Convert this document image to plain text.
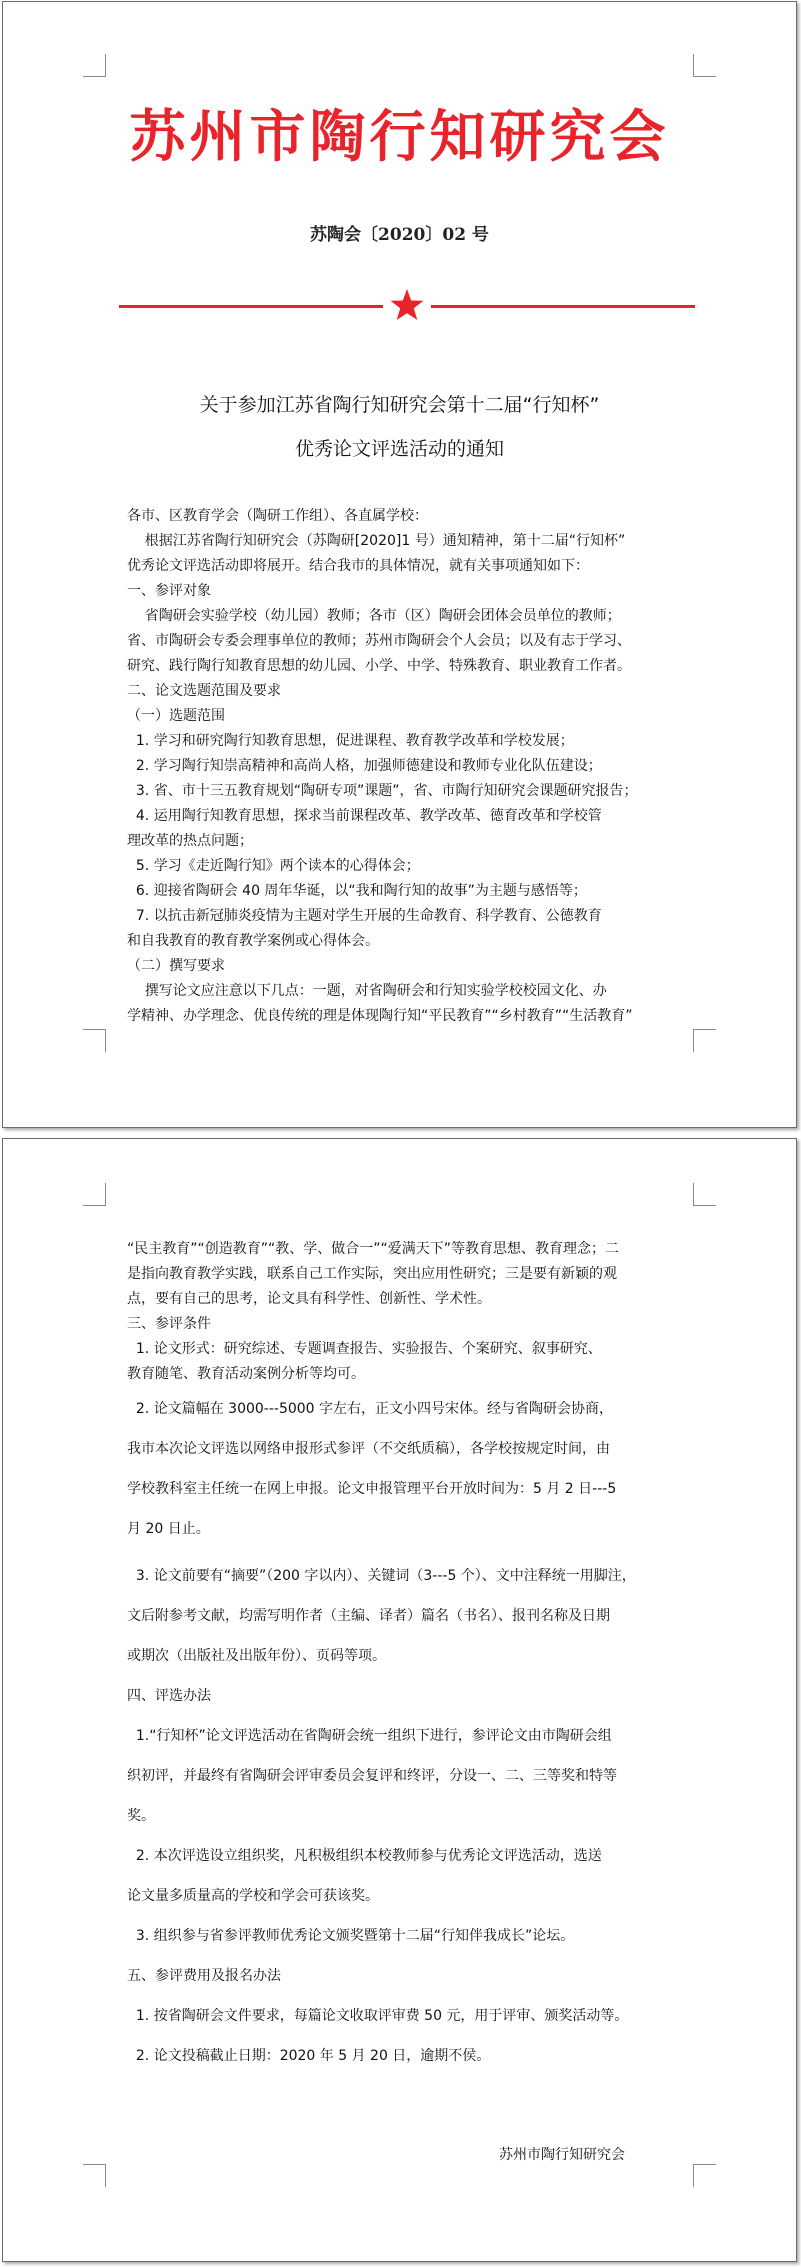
苏州市陶行知研究会
苏陶会〔2020〕02 号
关于参加江苏省陶行知研究会第十二届“行知杯”
优秀论文评选活动的通知

各市、区教育学会（陶研工作组）、各直属学校：

根据江苏省陶行知研究会（苏陶研[2020]1 号）通知精神，第十二届“行知杯”

优秀论文评选活动即将展开。结合我市的具体情况，就有关事项通知如下：

一、参评对象

省陶研会实验学校（幼儿园）教师；各市（区）陶研会团体会员单位的教师；

省、市陶研会专委会理事单位的教师；苏州市陶研会个人会员；以及有志于学习、

研究、践行陶行知教育思想的幼儿园、小学、中学、特殊教育、职业教育工作者。

二、论文选题范围及要求

（一）选题范围

1. 学习和研究陶行知教育思想，促进课程、教育教学改革和学校发展；

2. 学习陶行知崇高精神和高尚人格，加强师德建设和教师专业化队伍建设；

3. 省、市十三五教育规划“陶研专项”课题”，省、市陶行知研究会课题研究报告；

4. 运用陶行知教育思想，探求当前课程改革、教学改革、德育改革和学校管

理改革的热点问题；

5. 学习《走近陶行知》两个读本的心得体会；

6. 迎接省陶研会 40 周年华诞，以“我和陶行知的故事”为主题与感悟等；

7. 以抗击新冠肺炎疫情为主题对学生开展的生命教育、科学教育、公德教育

和自我教育的教育教学案例或心得体会。

（二）撰写要求

撰写论文应注意以下几点：一题，对省陶研会和行知实验学校校园文化、办

学精神、办学理念、优良传统的理是体现陶行知“平民教育”“乡村教育”“生活教育”

“民主教育”“创造教育”“教、学、做合一”“爱满天下”等教育思想、教育理念；二

是指向教育教学实践，联系自己工作实际，突出应用性研究；三是要有新颖的观

点，要有自己的思考，论文具有科学性、创新性、学术性。

三、参评条件

1. 论文形式：研究综述、专题调查报告、实验报告、个案研究、叙事研究、

教育随笔、教育活动案例分析等均可。

2. 论文篇幅在 3000---5000 字左右，正文小四号宋体。经与省陶研会协商，

我市本次论文评选以网络申报形式参评（不交纸质稿），各学校按规定时间，由

学校教科室主任统一在网上申报。论文申报管理平台开放时间为：5 月 2 日---5

月 20 日止。

3. 论文前要有“摘要”（200 字以内）、关键词（3---5 个）、文中注释统一用脚注，

文后附参考文献，均需写明作者（主编、译者）篇名（书名）、报刊名称及日期

或期次（出版社及出版年份）、页码等项。

四、评选办法

1.“行知杯”论文评选活动在省陶研会统一组织下进行，参评论文由市陶研会组

织初评，并最终有省陶研会评审委员会复评和终评，分设一、二、三等奖和特等

奖。

2. 本次评选设立组织奖，凡积极组织本校教师参与优秀论文评选活动，选送

论文量多质量高的学校和学会可获该奖。

3. 组织参与省参评教师优秀论文颁奖暨第十二届“行知伴我成长”论坛。

五、参评费用及报名办法

1. 按省陶研会文件要求，每篇论文收取评审费 50 元，用于评审、颁奖活动等。

2. 论文投稿截止日期：2020 年 5 月 20 日，逾期不侯。

苏州市陶行知研究会
